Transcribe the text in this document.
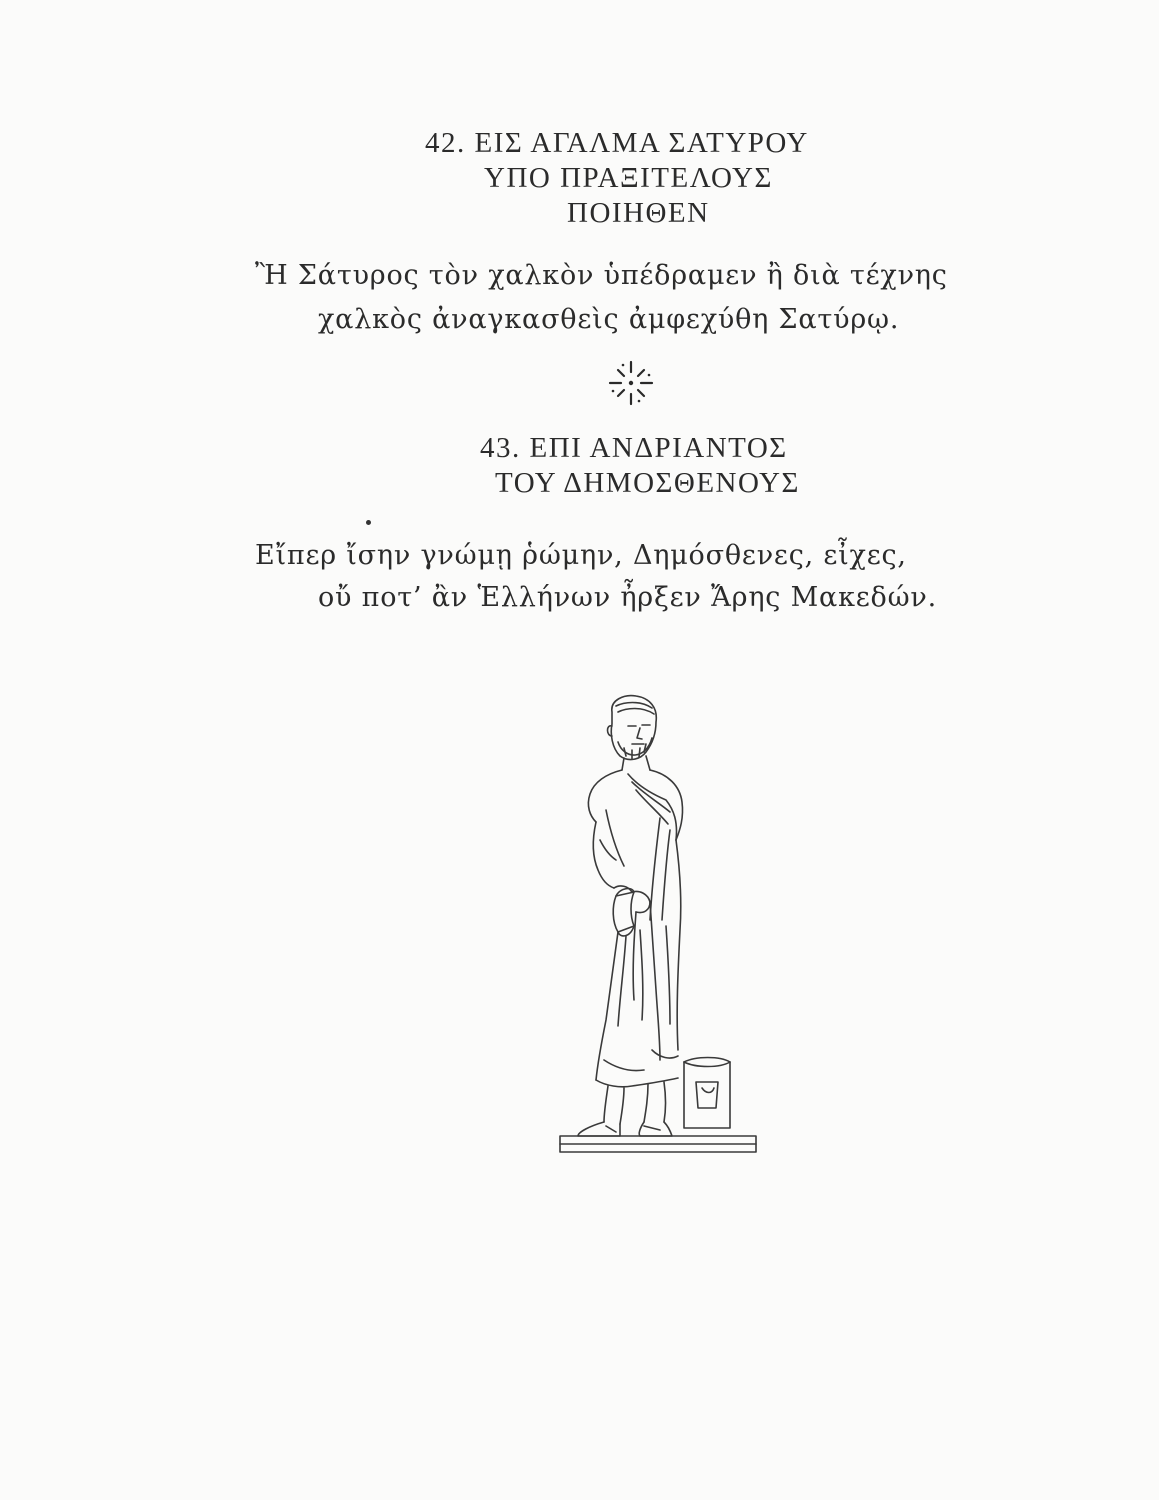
42. ΕΙΣ ΑΓΑΛΜΑ ΣΑΤΥΡΟΥ
ΥΠΟ ΠΡΑΞΙΤΕΛΟΥΣ
ΠΟΙΗΘΕΝ
Ἢ Σάτυρος τὸν χαλκὸν ὑπέδραμεν ἢ διὰ τέχνης
χαλκὸς ἀναγκασθεὶς ἀμφεχύθη Σατύρῳ.
43. ΕΠΙ ΑΝΔΡΙΑΝΤΟΣ
ΤΟΥ ΔΗΜΟΣΘΕΝΟΥΣ
Εἴπερ ἴσην γνώμῃ ῥώμην, Δημόσθενες, εἶχες,
οὔ ποτ’ ἂν Ἑλλήνων ἦρξεν Ἄρης Μακεδών.
